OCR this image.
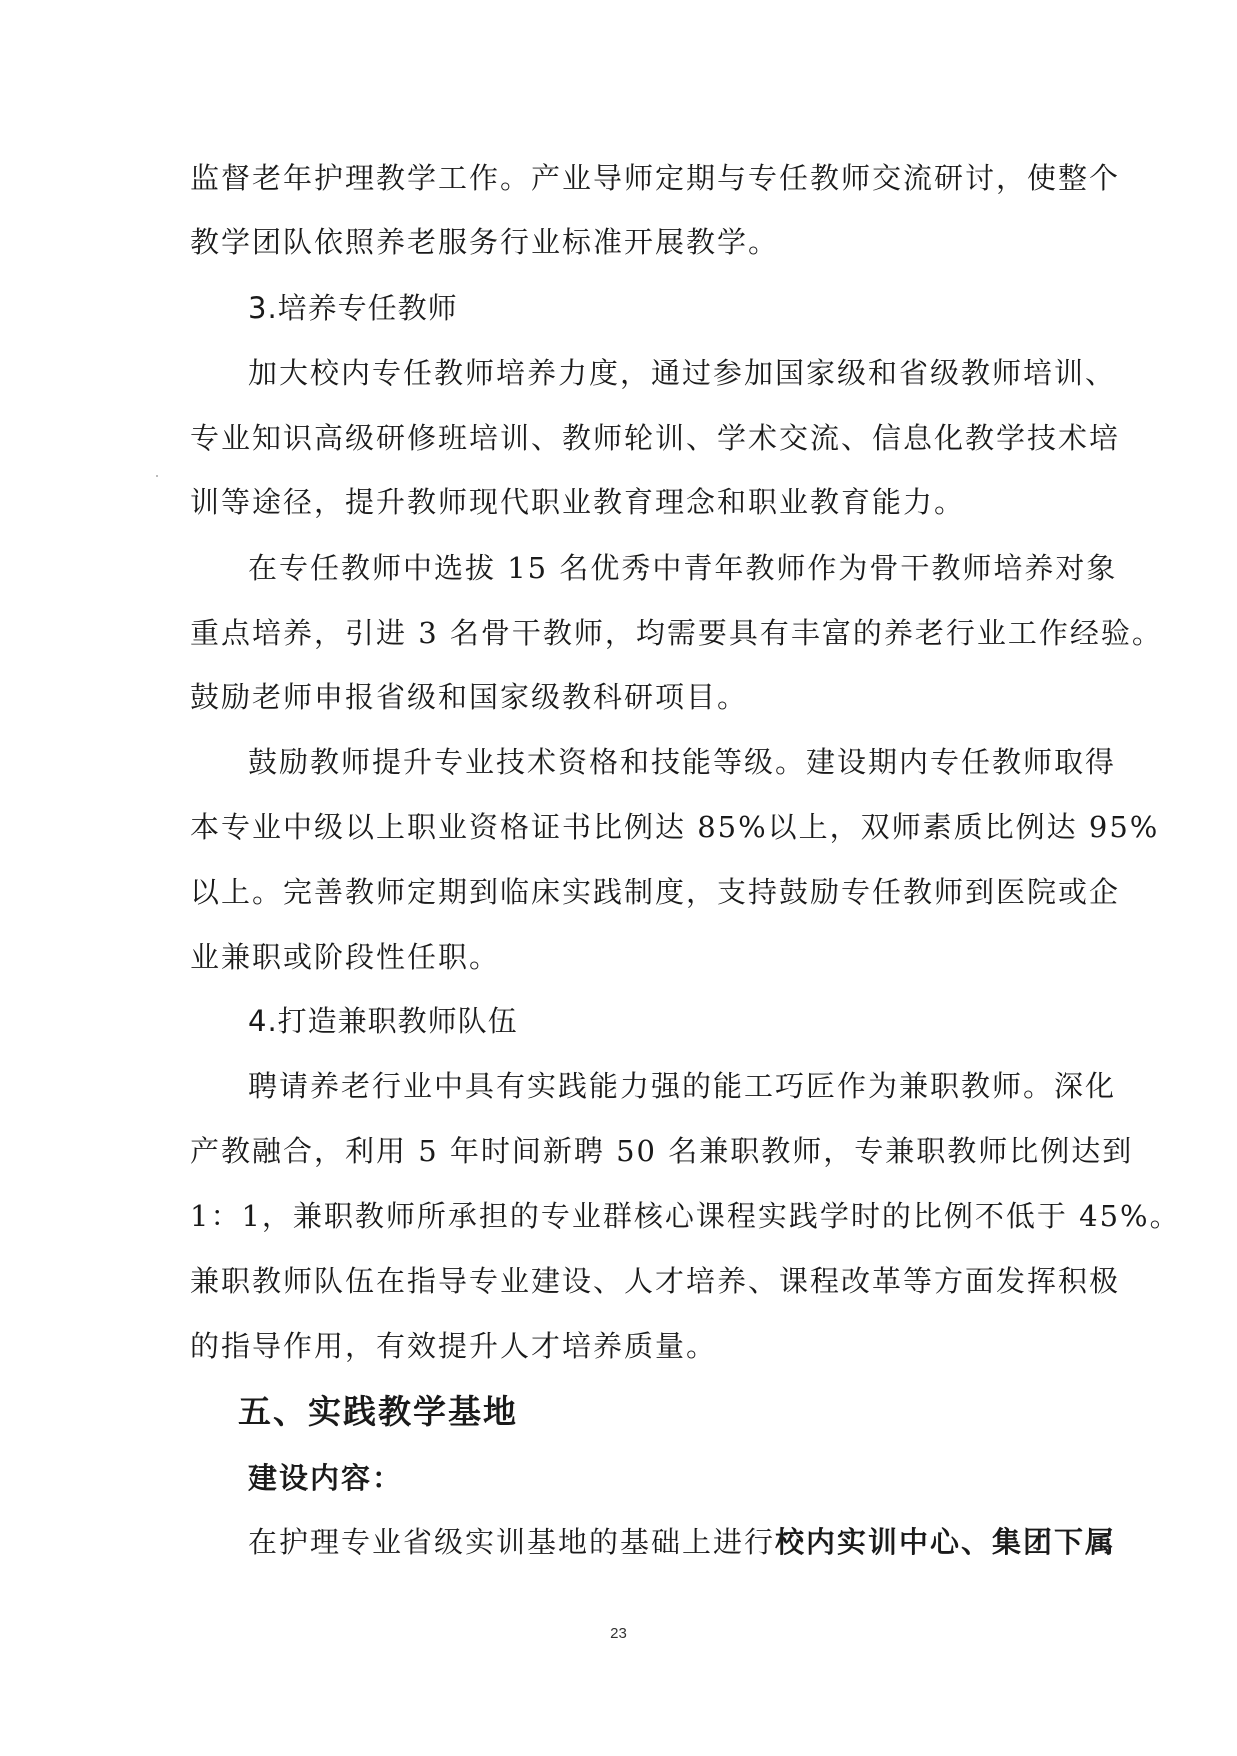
监督老年护理教学工作。产业导师定期与专任教师交流研讨，使整个
教学团队依照养老服务行业标准开展教学。
3.培养专任教师
加大校内专任教师培养力度，通过参加国家级和省级教师培训、
专业知识高级研修班培训、教师轮训、学术交流、信息化教学技术培
训等途径，提升教师现代职业教育理念和职业教育能力。
在专任教师中选拔 15 名优秀中青年教师作为骨干教师培养对象
重点培养，引进 3 名骨干教师，均需要具有丰富的养老行业工作经验。
鼓励老师申报省级和国家级教科研项目。
鼓励教师提升专业技术资格和技能等级。建设期内专任教师取得
本专业中级以上职业资格证书比例达 85%以上，双师素质比例达 95%
以上。完善教师定期到临床实践制度，支持鼓励专任教师到医院或企
业兼职或阶段性任职。
4.打造兼职教师队伍
聘请养老行业中具有实践能力强的能工巧匠作为兼职教师。深化
产教融合，利用 5 年时间新聘 50 名兼职教师，专兼职教师比例达到
1：1，兼职教师所承担的专业群核心课程实践学时的比例不低于 45%。
兼职教师队伍在指导专业建设、人才培养、课程改革等方面发挥积极
的指导作用，有效提升人才培养质量。
五、实践教学基地
建设内容：
在护理专业省级实训基地的基础上进行校内实训中心、集团下属
23
